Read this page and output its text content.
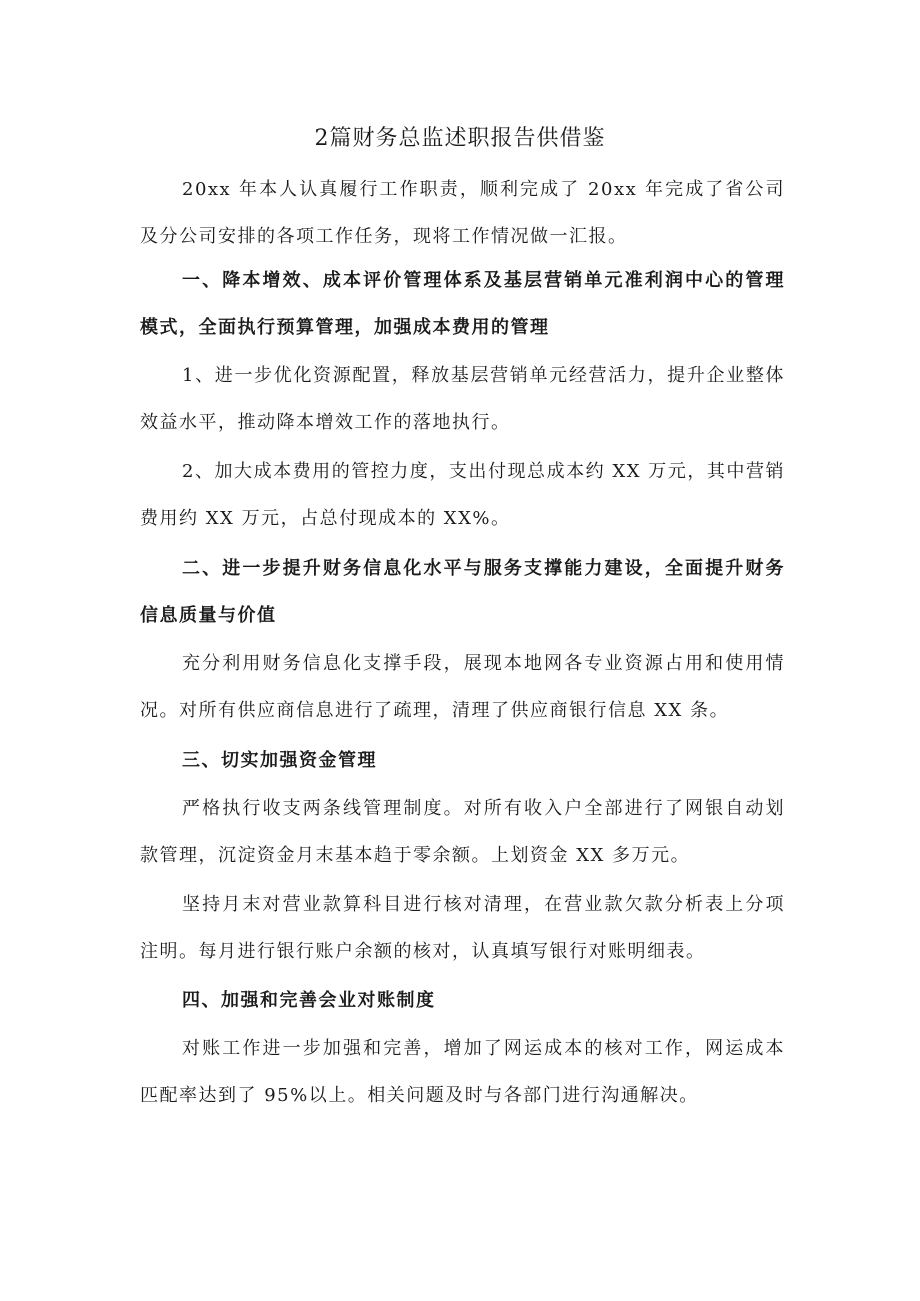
2篇财务总监述职报告供借鉴
20xx 年本人认真履行工作职责，顺利完成了 20xx 年完成了省公司及分公司安排的各项工作任务，现将工作情况做一汇报。
一、降本增效、成本评价管理体系及基层营销单元准利润中心的管理模式，全面执行预算管理，加强成本费用的管理
1、进一步优化资源配置，释放基层营销单元经营活力，提升企业整体效益水平，推动降本增效工作的落地执行。
2、加大成本费用的管控力度，支出付现总成本约 XX 万元，其中营销费用约 XX 万元，占总付现成本的 XX%。
二、进一步提升财务信息化水平与服务支撑能力建设，全面提升财务信息质量与价值
充分利用财务信息化支撑手段，展现本地网各专业资源占用和使用情况。对所有供应商信息进行了疏理，清理了供应商银行信息 XX 条。
三、切实加强资金管理
严格执行收支两条线管理制度。对所有收入户全部进行了网银自动划款管理，沉淀资金月末基本趋于零余额。上划资金 XX 多万元。
坚持月末对营业款算科目进行核对清理，在营业款欠款分析表上分项注明。每月进行银行账户余额的核对，认真填写银行对账明细表。
四、加强和完善会业对账制度
对账工作进一步加强和完善，增加了网运成本的核对工作，网运成本匹配率达到了 95%以上。相关问题及时与各部门进行沟通解决。
